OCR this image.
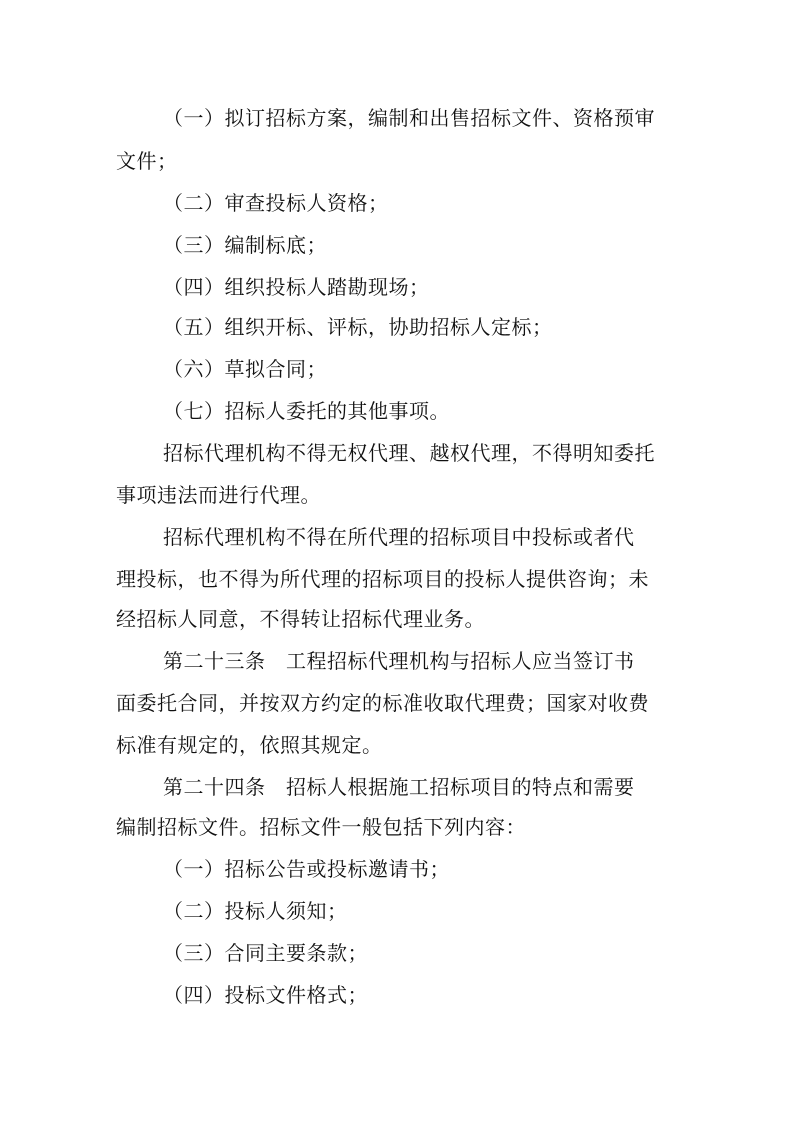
（一）拟订招标方案，编制和出售招标文件、资格预审
文件；
（二）审查投标人资格；
（三）编制标底；
（四）组织投标人踏勘现场；
（五）组织开标、评标，协助招标人定标；
（六）草拟合同；
（七）招标人委托的其他事项。
招标代理机构不得无权代理、越权代理，不得明知委托
事项违法而进行代理。
招标代理机构不得在所代理的招标项目中投标或者代
理投标，也不得为所代理的招标项目的投标人提供咨询；未
经招标人同意，不得转让招标代理业务。
第二十三条　工程招标代理机构与招标人应当签订书
面委托合同，并按双方约定的标准收取代理费；国家对收费
标准有规定的，依照其规定。
第二十四条　招标人根据施工招标项目的特点和需要
编制招标文件。招标文件一般包括下列内容：
（一）招标公告或投标邀请书；
（二）投标人须知；
（三）合同主要条款；
（四）投标文件格式；
